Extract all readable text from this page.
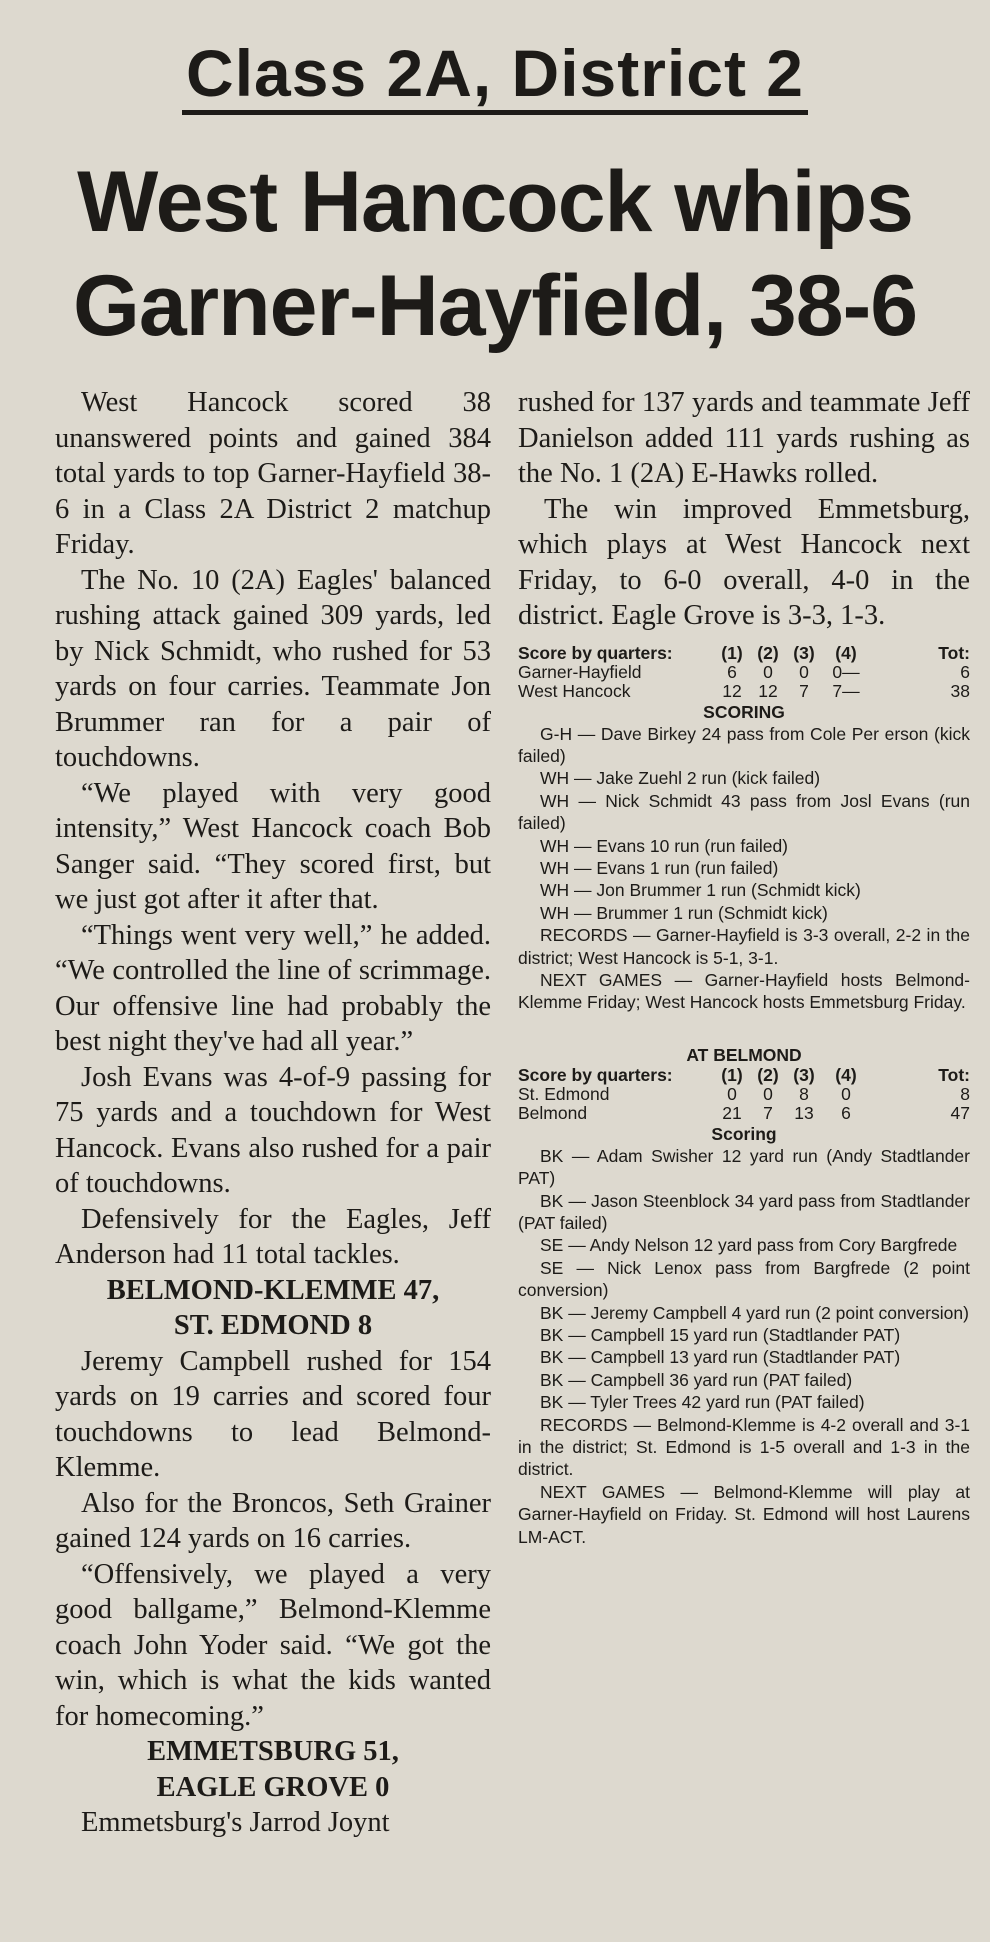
Class 2A, District 2
West Hancock whips
Garner-Hayfield, 38-6

West Hancock scored 38 unanswered points and gained 384 total yards to top Garner-Hayfield 38-6 in a Class 2A District 2 matchup Friday.

The No. 10 (2A) Eagles' balanced rushing attack gained 309 yards, led by Nick Schmidt, who rushed for 53 yards on four carries. Teammate Jon Brummer ran for a pair of touchdowns.

“We played with very good intensity,” West Hancock coach Bob Sanger said. “They scored first, but we just got after it after that.

“Things went very well,” he added. “We controlled the line of scrimmage. Our offensive line had probably the best night they've had all year.”

Josh Evans was 4-of-9 passing for 75 yards and a touchdown for West Hancock. Evans also rushed for a pair of touchdowns.

Defensively for the Eagles, Jeff Anderson had 11 total tackles.

BELMOND-KLEMME 47,
ST. EDMOND 8

Jeremy Campbell rushed for 154 yards on 19 carries and scored four touchdowns to lead Belmond-Klemme.

Also for the Broncos, Seth Grainer gained 124 yards on 16 carries.

“Offensively, we played a very good ballgame,” Belmond-Klemme coach John Yoder said. “We got the win, which is what the kids wanted for homecoming.”

EMMETSBURG 51,
EAGLE GROVE 0

Emmetsburg's Jarrod Joynt

rushed for 137 yards and teammate Jeff Danielson added 111 yards rushing as the No. 1 (2A) E-Hawks rolled.

The win improved Emmetsburg, which plays at West Hancock next Friday, to 6-0 overall, 4-0 in the district. Eagle Grove is 3-3, 1-3.

Score by quarters:	(1) (2) (3)	(4)	Tot:
Garner-Hayfield	6	0	0	0—	6
West Hancock	12 12	7	7—	38
SCORING
G-H — Dave Birkey 24 pass from Cole Per erson (kick failed)
WH — Jake Zuehl 2 run (kick failed)
WH — Nick Schmidt 43 pass from Josl Evans (run failed)
WH — Evans 10 run (run failed)
WH — Evans 1 run (run failed)
WH — Jon Brummer 1 run (Schmidt kick)
WH — Brummer 1 run (Schmidt kick)
RECORDS — Garner-Hayfield is 3-3 overall, 2-2 in the district; West Hancock is 5-1, 3-1.
NEXT GAMES — Garner-Hayfield hosts Belmond-Klemme Friday; West Hancock hosts Emmetsburg Friday.
AT BELMOND
Score by quarters:	(1) (2) (3)	(4)	Tot:
St. Edmond	0	0	8	0	8
Belmond	21	7	13	6	47
Scoring
BK — Adam Swisher 12 yard run (Andy Stadtlander PAT)
BK — Jason Steenblock 34 yard pass from Stadtlander (PAT failed)
SE — Andy Nelson 12 yard pass from Cory Bargfrede
SE — Nick Lenox pass from Bargfrede (2 point conversion)
BK — Jeremy Campbell 4 yard run (2 point conversion)
BK — Campbell 15 yard run (Stadtlander PAT)
BK — Campbell 13 yard run (Stadtlander PAT)
BK — Campbell 36 yard run (PAT failed)
BK — Tyler Trees 42 yard run (PAT failed)
RECORDS — Belmond-Klemme is 4-2 overall and 3-1 in the district; St. Edmond is 1-5 overall and 1-3 in the district.
NEXT GAMES — Belmond-Klemme will play at Garner-Hayfield on Friday. St. Edmond will host Laurens LM-ACT.
